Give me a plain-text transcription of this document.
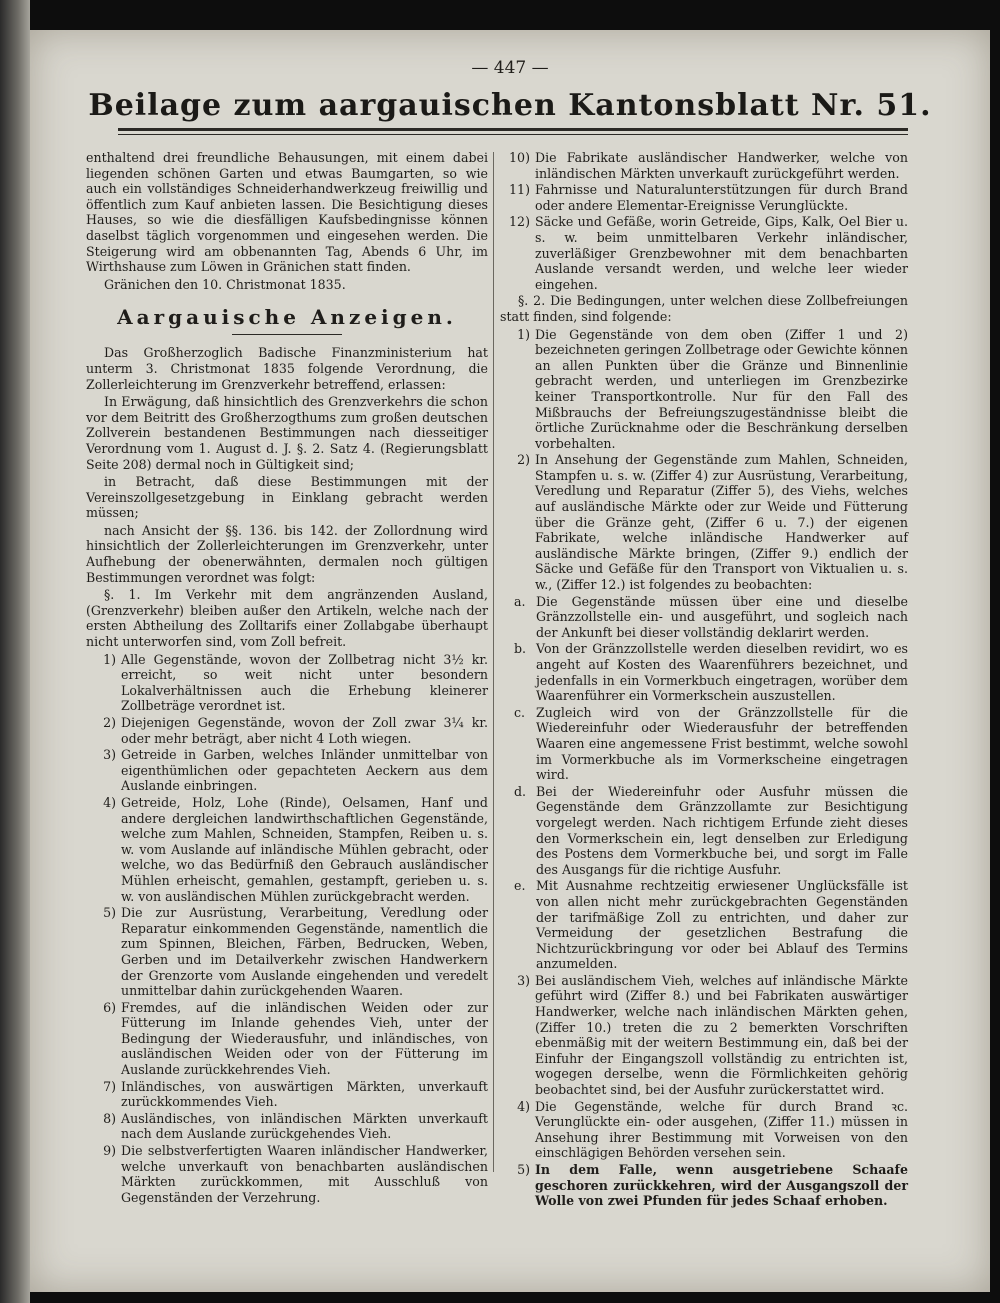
— 447 —
Beilage zum aargauischen Kantonsblatt Nr. 51.

enthaltend drei freundliche Behausungen, mit einem dabei liegenden schönen Garten und etwas Baumgarten, so wie auch ein vollständiges Schneiderhandwerkzeug freiwillig und öffentlich zum Kauf anbieten lassen. Die Besichtigung dieses Hauses, so wie die diesfälligen Kaufsbedingnisse können daselbst täglich vorgenommen und eingesehen werden. Die Steigerung wird am obbenannten Tag, Abends 6 Uhr, im Wirthshause zum Löwen in Gränichen statt finden.

Gränichen den 10. Christmonat 1835.

Aargauische Anzeigen.

Das Großherzoglich Badische Finanzministerium hat unterm 3. Christmonat 1835 folgende Verordnung, die Zollerleichterung im Grenzverkehr betreffend, erlassen:

In Erwägung, daß hinsichtlich des Grenzverkehrs die schon vor dem Beitritt des Großherzogthums zum großen deutschen Zollverein bestandenen Bestimmungen nach diesseitiger Verordnung vom 1. August d. J. §. 2. Satz 4. (Regierungsblatt Seite 208) dermal noch in Gültigkeit sind;

in Betracht, daß diese Bestimmungen mit der Vereinszollgesetzgebung in Einklang gebracht werden müssen;

nach Ansicht der §§. 136. bis 142. der Zollordnung wird hinsichtlich der Zollerleichterungen im Grenzverkehr, unter Aufhebung der obenerwähnten, dermalen noch gültigen Bestimmungen verordnet was folgt:

§. 1. Im Verkehr mit dem angränzenden Ausland, (Grenzverkehr) bleiben außer den Artikeln, welche nach der ersten Abtheilung des Zolltarifs einer Zollabgabe überhaupt nicht unterworfen sind, vom Zoll befreit.

1) Alle Gegenstände, wovon der Zollbetrag nicht 3½ kr. erreicht, so weit nicht unter besondern Lokalverhältnissen auch die Erhebung kleinerer Zollbeträge verordnet ist.
2) Diejenigen Gegenstände, wovon der Zoll zwar 3¼ kr. oder mehr beträgt, aber nicht 4 Loth wiegen.
3) Getreide in Garben, welches Inländer unmittelbar von eigenthümlichen oder gepachteten Aeckern aus dem Auslande einbringen.
4) Getreide, Holz, Lohe (Rinde), Oelsamen, Hanf und andere dergleichen landwirthschaftlichen Gegenstände, welche zum Mahlen, Schneiden, Stampfen, Reiben u. s. w. vom Auslande auf inländische Mühlen gebracht, oder welche, wo das Bedürfniß den Gebrauch ausländischer Mühlen erheischt, gemahlen, gestampft, gerieben u. s. w. von ausländischen Mühlen zurückgebracht werden.
5) Die zur Ausrüstung, Verarbeitung, Veredlung oder Reparatur einkommenden Gegenstände, namentlich die zum Spinnen, Bleichen, Färben, Bedrucken, Weben, Gerben und im Detailverkehr zwischen Handwerkern der Grenzorte vom Auslande eingehenden und veredelt unmittelbar dahin zurückgehenden Waaren.
6) Fremdes, auf die inländischen Weiden oder zur Fütterung im Inlande gehendes Vieh, unter der Bedingung der Wiederausfuhr, und inländisches, von ausländischen Weiden oder von der Fütterung im Auslande zurückkehrendes Vieh.
7) Inländisches, von auswärtigen Märkten, unverkauft zurückkommendes Vieh.
8) Ausländisches, von inländischen Märkten unverkauft nach dem Auslande zurückgehendes Vieh.
9) Die selbstverfertigten Waaren inländischer Handwerker, welche unverkauft von benachbarten ausländischen Märkten zurückkommen, mit Ausschluß von Gegenständen der Verzehrung.
10) Die Fabrikate ausländischer Handwerker, welche von inländischen Märkten unverkauft zurückgeführt werden.
11) Fahrnisse und Naturalunterstützungen für durch Brand oder andere Elementar-Ereignisse Verunglückte.
12) Säcke und Gefäße, worin Getreide, Gips, Kalk, Oel Bier u. s. w. beim unmittelbaren Verkehr inländischer, zuverläßiger Grenzbewohner mit dem benachbarten Auslande versandt werden, und welche leer wieder eingehen.

§. 2. Die Bedingungen, unter welchen diese Zollbefreiungen statt finden, sind folgende:

1) Die Gegenstände von dem oben (Ziffer 1 und 2) bezeichneten geringen Zollbetrage oder Gewichte können an allen Punkten über die Gränze und Binnenlinie gebracht werden, und unterliegen im Grenzbezirke keiner Transportkontrolle. Nur für den Fall des Mißbrauchs der Befreiungszugeständnisse bleibt die örtliche Zurücknahme oder die Beschränkung derselben vorbehalten.
2) In Ansehung der Gegenstände zum Mahlen, Schneiden, Stampfen u. s. w. (Ziffer 4) zur Ausrüstung, Verarbeitung, Veredlung und Reparatur (Ziffer 5), des Viehs, welches auf ausländische Märkte oder zur Weide und Fütterung über die Gränze geht, (Ziffer 6 u. 7.) der eigenen Fabrikate, welche inländische Handwerker auf ausländische Märkte bringen, (Ziffer 9.) endlich der Säcke und Gefäße für den Transport von Viktualien u. s. w., (Ziffer 12.) ist folgendes zu beobachten:
a. Die Gegenstände müssen über eine und dieselbe Gränzzollstelle ein- und ausgeführt, und sogleich nach der Ankunft bei dieser vollständig deklarirt werden.
b. Von der Gränzzollstelle werden dieselben revidirt, wo es angeht auf Kosten des Waarenführers bezeichnet, und jedenfalls in ein Vormerkbuch eingetragen, worüber dem Waarenführer ein Vormerkschein auszustellen.
c. Zugleich wird von der Gränzzollstelle für die Wiedereinfuhr oder Wiederausfuhr der betreffenden Waaren eine angemessene Frist bestimmt, welche sowohl im Vormerkbuche als im Vormerkscheine eingetragen wird.
d. Bei der Wiedereinfuhr oder Ausfuhr müssen die Gegenstände dem Gränzzollamte zur Besichtigung vorgelegt werden. Nach richtigem Erfunde zieht dieses den Vormerkschein ein, legt denselben zur Erledigung des Postens dem Vormerkbuche bei, und sorgt im Falle des Ausgangs für die richtige Ausfuhr.
e. Mit Ausnahme rechtzeitig erwiesener Unglücksfälle ist von allen nicht mehr zurückgebrachten Gegenständen der tarifmäßige Zoll zu entrichten, und daher zur Vermeidung der gesetzlichen Bestrafung die Nichtzurückbringung vor oder bei Ablauf des Termins anzumelden.
3) Bei ausländischem Vieh, welches auf inländische Märkte geführt wird (Ziffer 8.) und bei Fabrikaten auswärtiger Handwerker, welche nach inländischen Märkten gehen, (Ziffer 10.) treten die zu 2 bemerkten Vorschriften ebenmäßig mit der weitern Bestimmung ein, daß bei der Einfuhr der Eingangszoll vollständig zu entrichten ist, wogegen derselbe, wenn die Förmlichkeiten gehörig beobachtet sind, bei der Ausfuhr zurückerstattet wird.
4) Die Gegenstände, welche für durch Brand ꝛc. Verunglückte ein- oder ausgehen, (Ziffer 11.) müssen in Ansehung ihrer Bestimmung mit Vorweisen von den einschlägigen Behörden versehen sein.
5) In dem Falle, wenn ausgetriebene Schaafe geschoren zurückkehren, wird der Ausgangszoll der Wolle von zwei Pfunden für jedes Schaaf erhoben.
